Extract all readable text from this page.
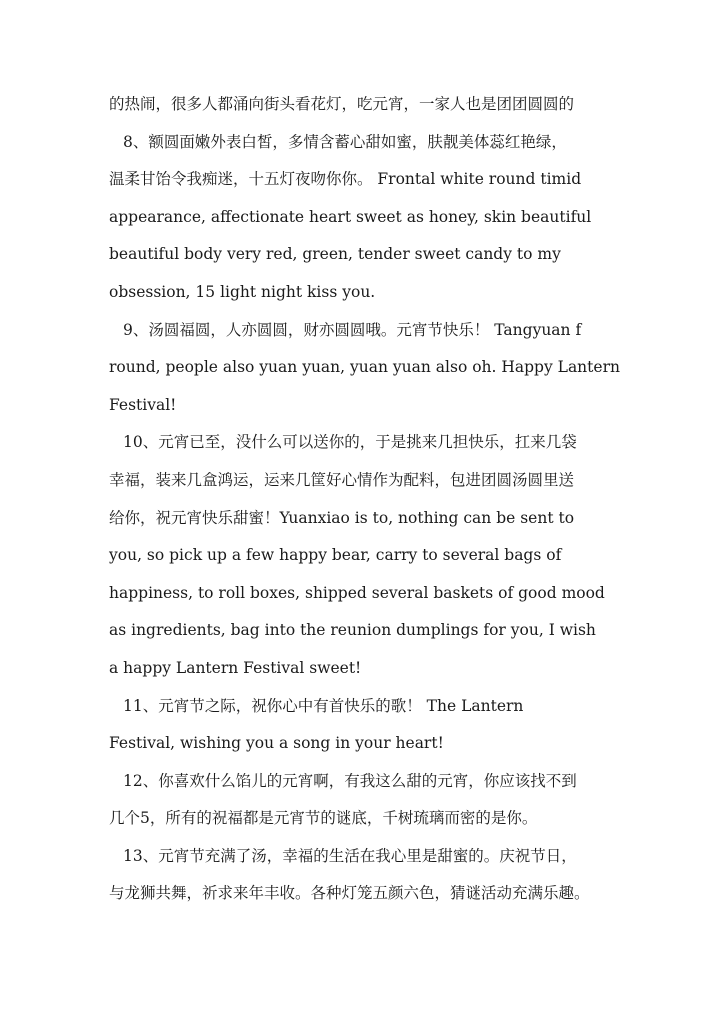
的热闹，很多人都涌向街头看花灯，吃元宵，一家人也是团团圆圆的
8、额圆面嫩外表白皙，多情含蓄心甜如蜜，肤靓美体蕊红艳绿，
温柔甘饴令我痴迷，十五灯夜吻你你。 Frontal white round timid
appearance, affectionate heart sweet as honey, skin beautiful
beautiful body very red, green, tender sweet candy to my
obsession, 15 light night kiss you.
9、汤圆福圆，人亦圆圆，财亦圆圆哦。元宵节快乐！ Tangyuan f
round, people also yuan yuan, yuan yuan also oh. Happy Lantern
Festival!
10、元宵已至，没什么可以送你的，于是挑来几担快乐，扛来几袋
幸福，装来几盒鸿运，运来几筐好心情作为配料，包进团圆汤圆里送
给你，祝元宵快乐甜蜜！Yuanxiao is to, nothing can be sent to
you, so pick up a few happy bear, carry to several bags of
happiness, to roll boxes, shipped several baskets of good mood
as ingredients, bag into the reunion dumplings for you, I wish
a happy Lantern Festival sweet!
11、元宵节之际，祝你心中有首快乐的歌！ The Lantern
Festival, wishing you a song in your heart!
12、你喜欢什么馅儿的元宵啊，有我这么甜的元宵，你应该找不到
几个5，所有的祝福都是元宵节的谜底，千树琉璃而密的是你。
13、元宵节充满了汤，幸福的生活在我心里是甜蜜的。庆祝节日，
与龙狮共舞，祈求来年丰收。各种灯笼五颜六色，猜谜活动充满乐趣。
